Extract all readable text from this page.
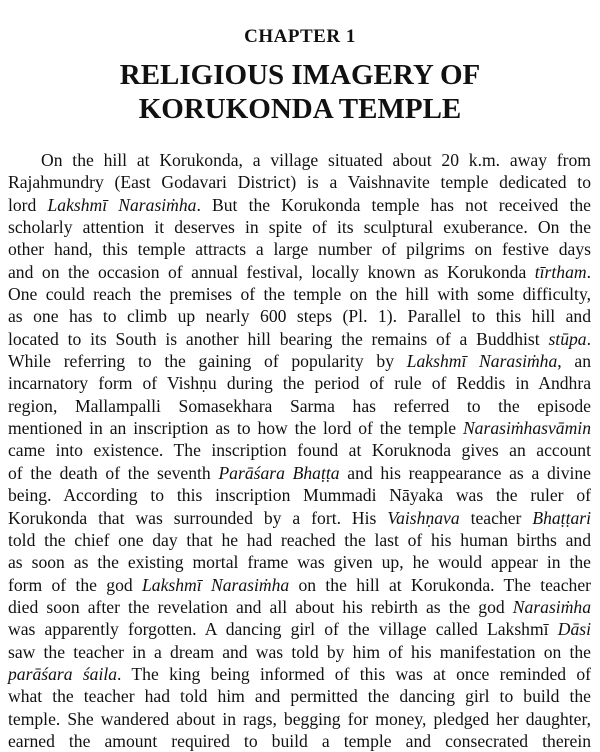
CHAPTER 1
RELIGIOUS IMAGERY OF
KORUKONDA TEMPLE
On the hill at Korukonda, a village situated about 20 k.m. away from
Rajahmundry (East Godavari District) is a Vaishnavite temple dedicated to
lord Lakshmī Narasiṁha. But the Korukonda temple has not received the
scholarly attention it deserves in spite of its sculptural exuberance. On the
other hand, this temple attracts a large number of pilgrims on festive days
and on the occasion of annual festival, locally known as Korukonda tīrtham.
One could reach the premises of the temple on the hill with some difficulty,
as one has to climb up nearly 600 steps (Pl. 1). Parallel to this hill and
located to its South is another hill bearing the remains of a Buddhist stūpa.
While referring to the gaining of popularity by Lakshmī Narasiṁha, an
incarnatory form of Vishṇu during the period of rule of Reddis in Andhra
region, Mallampalli Somasekhara Sarma has referred to the episode
mentioned in an inscription as to how the lord of the temple Narasiṁhasvāmin
came into existence. The inscription found at Koruknoda gives an account
of the death of the seventh Parāśara Bhaṭṭa and his reappearance as a divine
being. According to this inscription Mummadi Nāyaka was the ruler of
Korukonda that was surrounded by a fort. His Vaishṇava teacher Bhaṭṭari
told the chief one day that he had reached the last of his human births and
as soon as the existing mortal frame was given up, he would appear in the
form of the god Lakshmī Narasiṁha on the hill at Korukonda. The teacher
died soon after the revelation and all about his rebirth as the god Narasiṁha
was apparently forgotten. A dancing girl of the village called Lakshmī Dāsi
saw the teacher in a dream and was told by him of his manifestation on the
parāśara śaila. The king being informed of this was at once reminded of
what the teacher had told him and permitted the dancing girl to build the
temple. She wandered about in rags, begging for money, pledged her daughter,
earned the amount required to build a temple and consecrated therein
